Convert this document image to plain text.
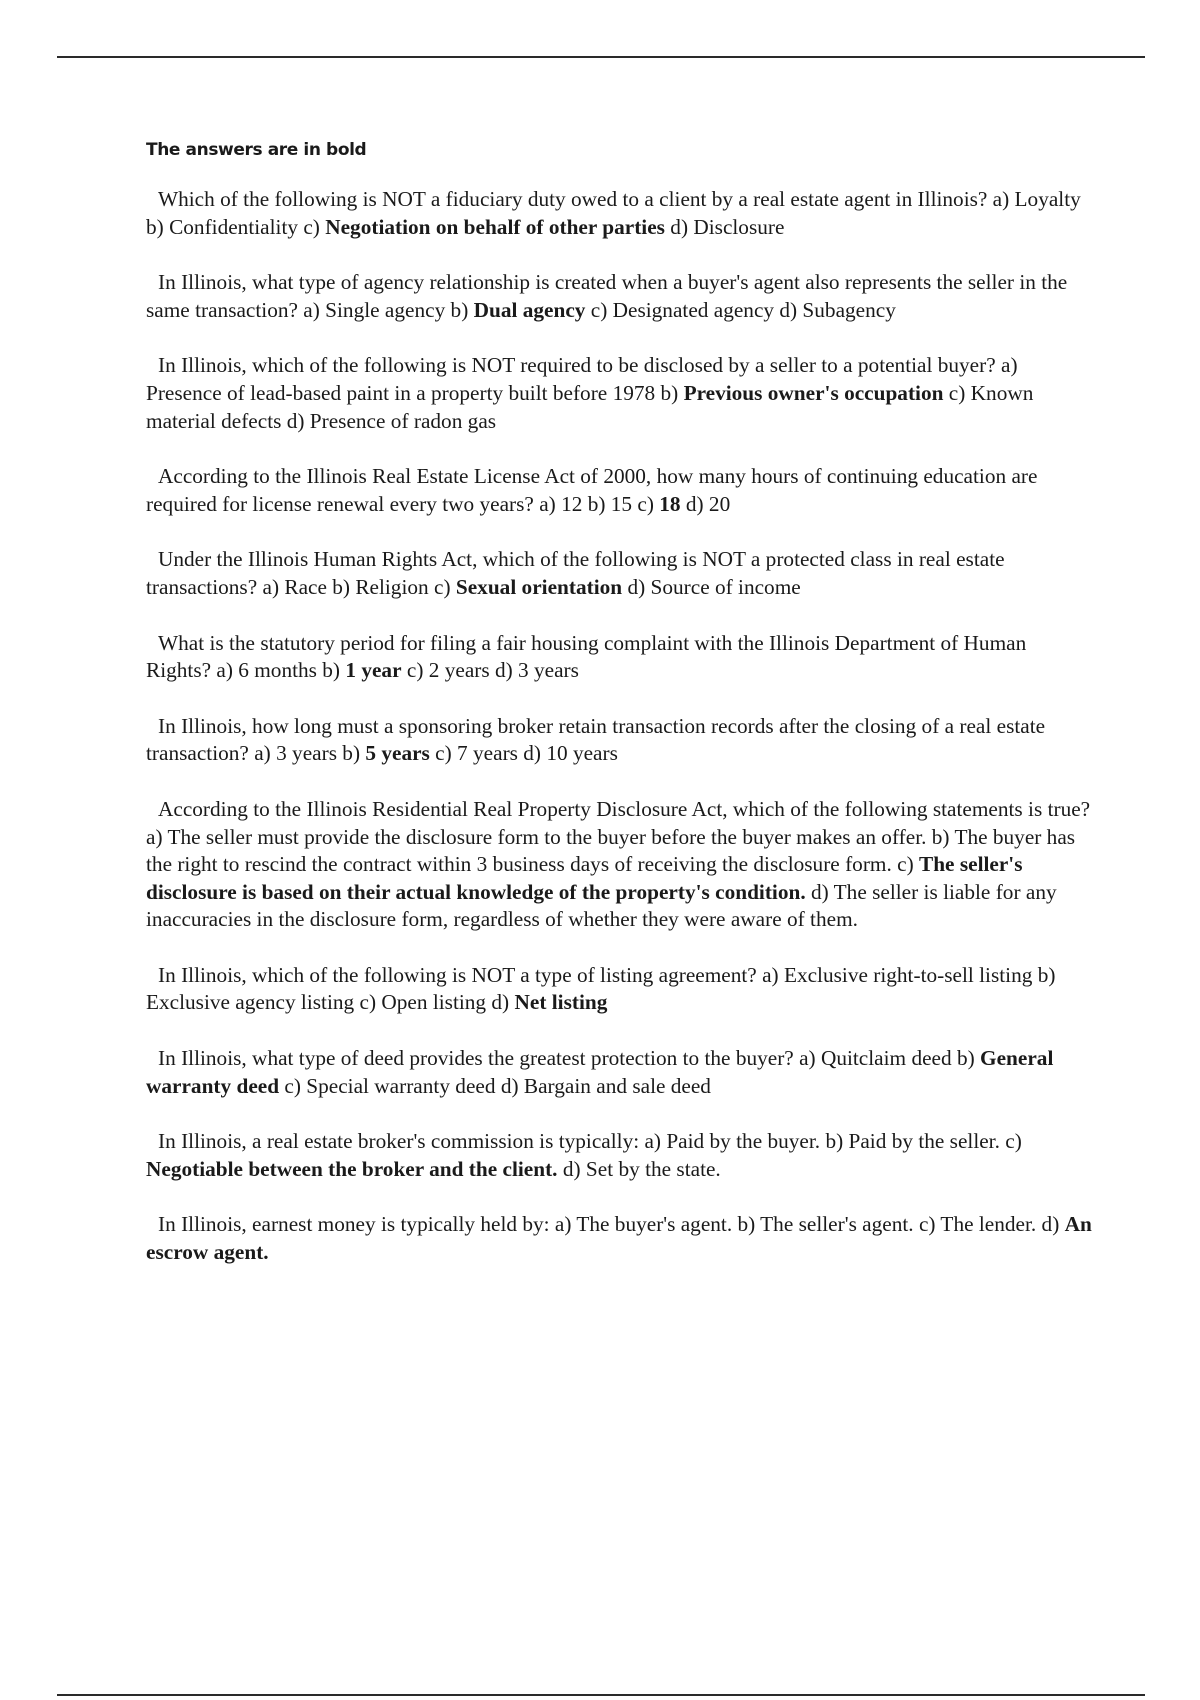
The answers are in bold

Which of the following is NOT a fiduciary duty owed to a client by a real estate agent in Illinois? a) Loyalty b) Confidentiality c) Negotiation on behalf of other parties d) Disclosure

In Illinois, what type of agency relationship is created when a buyer's agent also represents the seller in the same transaction? a) Single agency b) Dual agency c) Designated agency d) Subagency

In Illinois, which of the following is NOT required to be disclosed by a seller to a potential buyer? a) Presence of lead-based paint in a property built before 1978 b) Previous owner's occupation c) Known material defects d) Presence of radon gas

According to the Illinois Real Estate License Act of 2000, how many hours of continuing education are required for license renewal every two years? a) 12 b) 15 c) 18 d) 20

Under the Illinois Human Rights Act, which of the following is NOT a protected class in real estate transactions? a) Race b) Religion c) Sexual orientation d) Source of income

What is the statutory period for filing a fair housing complaint with the Illinois Department of Human Rights? a) 6 months b) 1 year c) 2 years d) 3 years

In Illinois, how long must a sponsoring broker retain transaction records after the closing of a real estate transaction? a) 3 years b) 5 years c) 7 years d) 10 years

According to the Illinois Residential Real Property Disclosure Act, which of the following statements is true? a) The seller must provide the disclosure form to the buyer before the buyer makes an offer. b) The buyer has the right to rescind the contract within 3 business days of receiving the disclosure form. c) The seller's disclosure is based on their actual knowledge of the property's condition. d) The seller is liable for any inaccuracies in the disclosure form, regardless of whether they were aware of them.

In Illinois, which of the following is NOT a type of listing agreement? a) Exclusive right-to-sell listing b) Exclusive agency listing c) Open listing d) Net listing

In Illinois, what type of deed provides the greatest protection to the buyer? a) Quitclaim deed b) General warranty deed c) Special warranty deed d) Bargain and sale deed

In Illinois, a real estate broker's commission is typically: a) Paid by the buyer. b) Paid by the seller. c) Negotiable between the broker and the client. d) Set by the state.

In Illinois, earnest money is typically held by: a) The buyer's agent. b) The seller's agent. c) The lender. d) An escrow agent.
